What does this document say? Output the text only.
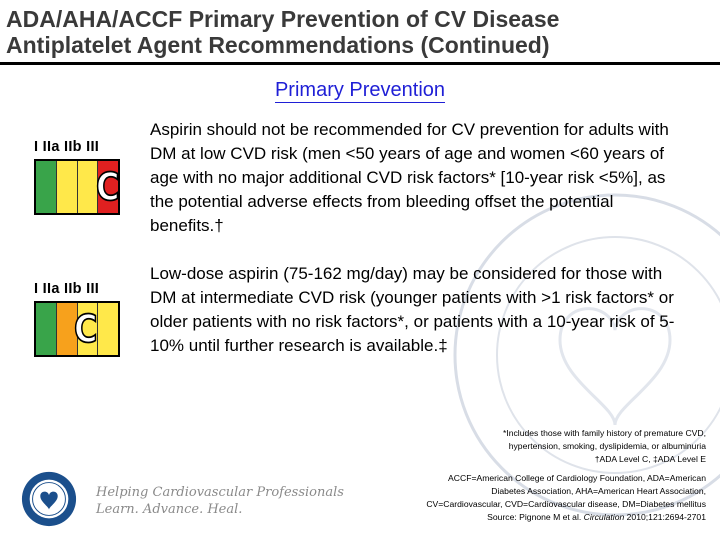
ADA/AHA/ACCF Primary Prevention of CV Disease
Antiplatelet Agent Recommendations (Continued)
Primary Prevention
I IIa IIb III
C
Aspirin should not be recommended for CV prevention for adults with DM at low CVD risk (men <50 years of age and women <60 years of age with no major additional CVD risk factors* [10-year risk <5%], as the potential adverse effects from bleeding offset the potential benefits.†
I IIa IIb III
C
Low-dose aspirin (75-162 mg/day) may be considered for those with DM at intermediate CVD risk (younger patients with >1 risk factors* or older patients with no risk factors*, or patients with a 10-year risk of 5-10% until further research is available.‡
*Includes those with family history of premature CVD,
hypertension, smoking, dyslipidemia, or albuminuria
†ADA Level C, ‡ADA Level E
ACCF=American College of Cardiology Foundation, ADA=American
Diabetes Association, AHA=American Heart Association,
CV=Cardiovascular, CVD=Cardiovascular disease, DM=Diabetes mellitus
Source: Pignone M et al. Circulation 2010;121:2694-2701
Helping Cardiovascular Professionals
Learn. Advance. Heal.
